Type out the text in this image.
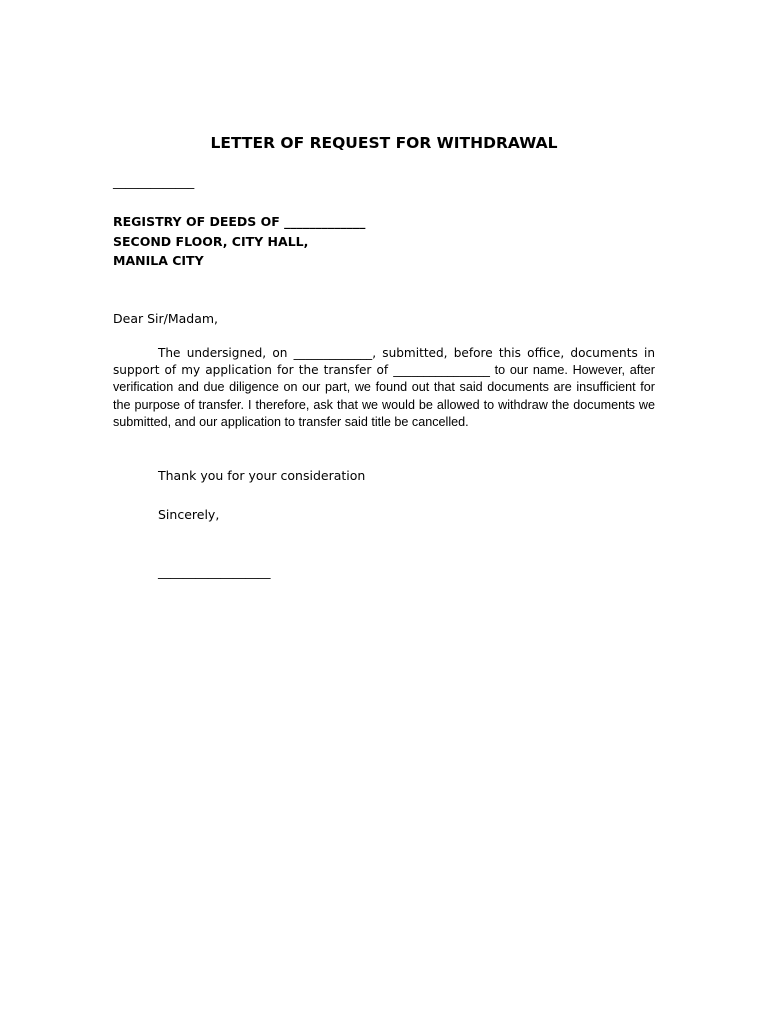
LETTER OF REQUEST FOR WITHDRAWAL
_____________
REGISTRY OF DEEDS OF _____________
SECOND FLOOR, CITY HALL,
MANILA CITY
Dear Sir/Madam,
The undersigned, on _____________, submitted, before this office, documents in support of my application for the transfer of ________________ to our name. However, after verification and due diligence on our part, we found out that said documents are insufficient for the purpose of transfer. I therefore, ask that we would be allowed to withdraw the documents we submitted, and our application to transfer said title be cancelled.
Thank you for your consideration
Sincerely,
__________________
